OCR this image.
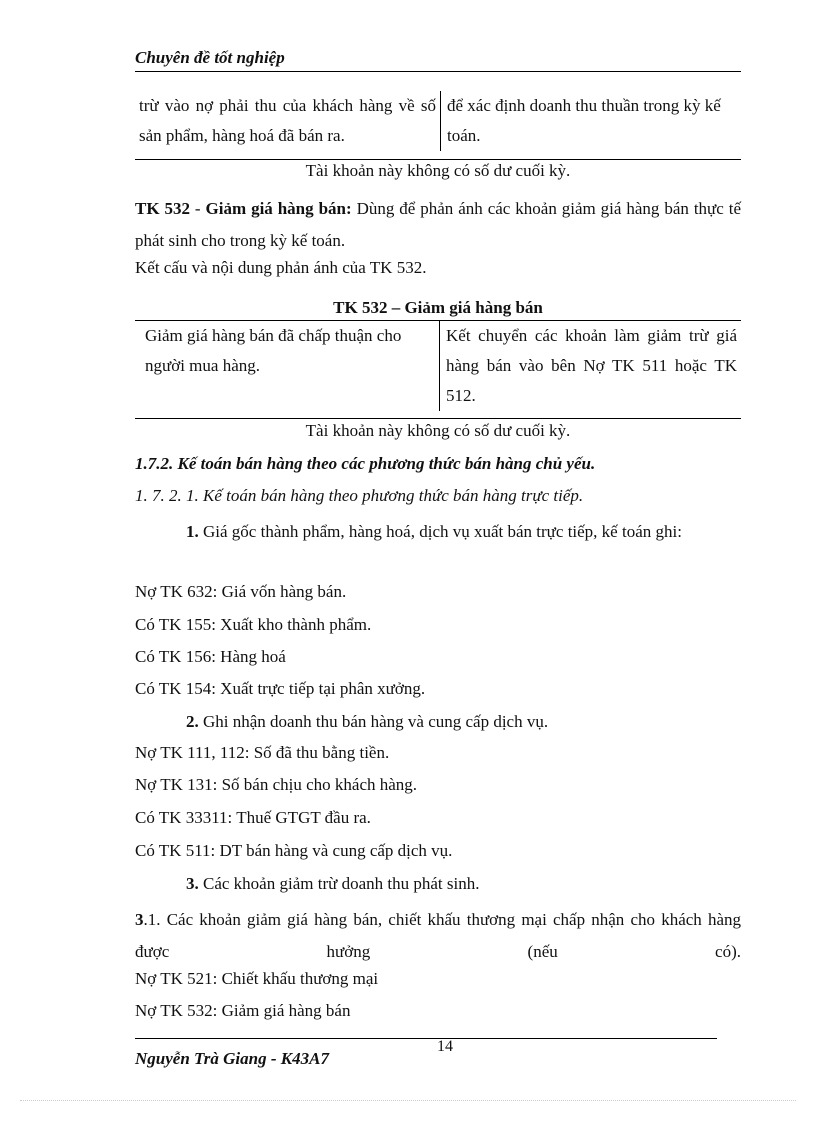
Chuyên đề tốt nghiệp
trừ vào nợ phải thu của khách hàng về số sản phẩm, hàng hoá đã bán ra.	để xác định doanh thu thuần trong kỳ kế toán.
Tài khoản này không có số dư cuối kỳ.
TK 532 - Giảm giá hàng bán: Dùng để phản ánh các khoản giảm giá hàng bán thực tế phát sinh cho trong kỳ kế toán.
Kết cấu và nội dung phản ánh của TK 532.
TK 532 – Giảm giá hàng bán
Giảm giá hàng bán đã chấp thuận cho người mua hàng.	Kết chuyển các khoản làm giảm trừ giá hàng bán vào bên Nợ TK 511 hoặc TK 512.
Tài khoản này không có số dư cuối kỳ.
1.7.2. Kế toán bán hàng theo các phương thức bán hàng chủ yếu.
1. 7. 2. 1. Kế toán bán hàng theo phương thức bán hàng trực tiếp.
1. Giá gốc thành phẩm, hàng hoá, dịch vụ xuất bán trực tiếp, kế toán ghi:
Nợ TK 632: Giá vốn hàng bán.
Có TK 155: Xuất kho thành phẩm.
Có TK 156: Hàng hoá
Có TK 154: Xuất trực tiếp tại phân xưởng.
2. Ghi nhận doanh thu bán hàng và cung cấp dịch vụ.
Nợ TK 111, 112: Số đã thu bằng tiền.
Nợ TK 131: Số bán chịu cho khách hàng.
Có TK 33311: Thuế GTGT đầu ra.
Có TK 511: DT bán hàng và cung cấp dịch vụ.
3. Các khoản giảm trừ doanh thu phát sinh.
3.1. Các khoản giảm giá hàng bán, chiết khấu thương mại chấp nhận cho khách hàng được hưởng (nếu có).
Nợ TK 521: Chiết khấu thương mại
Nợ TK 532: Giảm giá hàng bán
14
Nguyễn Trà Giang - K43A7
